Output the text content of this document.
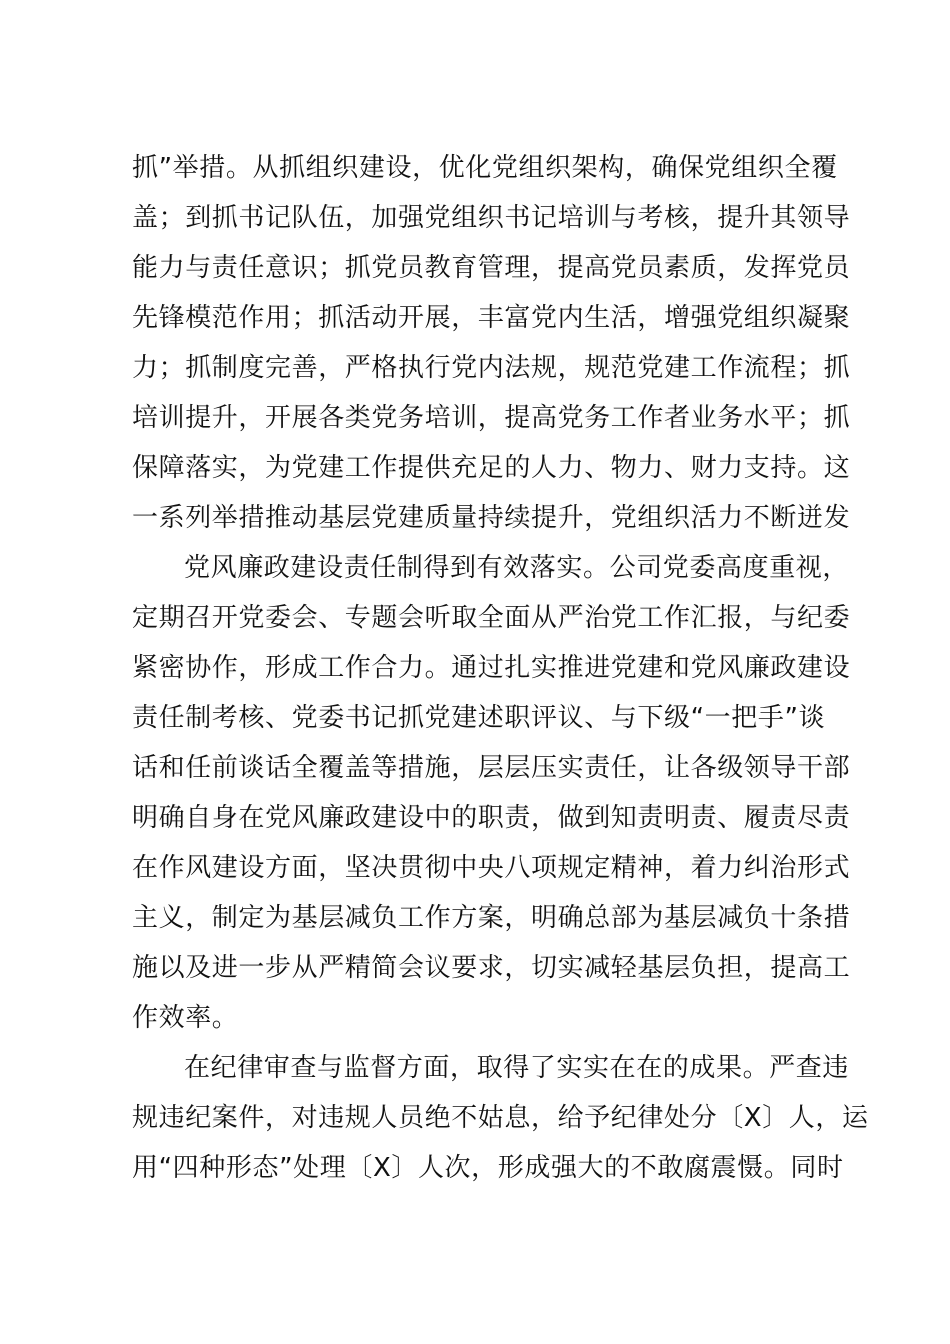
抓”举措。从抓组织建设，优化党组织架构，确保党组织全覆
盖；到抓书记队伍，加强党组织书记培训与考核，提升其领导
能力与责任意识；抓党员教育管理，提高党员素质，发挥党员
先锋模范作用；抓活动开展，丰富党内生活，增强党组织凝聚
力；抓制度完善，严格执行党内法规，规范党建工作流程；抓
培训提升，开展各类党务培训，提高党务工作者业务水平；抓
保障落实，为党建工作提供充足的人力、物力、财力支持。这
一系列举措推动基层党建质量持续提升，党组织活力不断迸发
党风廉政建设责任制得到有效落实。公司党委高度重视，
定期召开党委会、专题会听取全面从严治党工作汇报，与纪委
紧密协作，形成工作合力。通过扎实推进党建和党风廉政建设
责任制考核、党委书记抓党建述职评议、与下级“一把手”谈
话和任前谈话全覆盖等措施，层层压实责任，让各级领导干部
明确自身在党风廉政建设中的职责，做到知责明责、履责尽责
在作风建设方面，坚决贯彻中央八项规定精神，着力纠治形式
主义，制定为基层减负工作方案，明确总部为基层减负十条措
施以及进一步从严精简会议要求，切实减轻基层负担，提高工
作效率。
在纪律审查与监督方面，取得了实实在在的成果。严查违
规违纪案件，对违规人员绝不姑息，给予纪律处分〔X〕人，运
用“四种形态”处理〔X〕人次，形成强大的不敢腐震慑。同时
